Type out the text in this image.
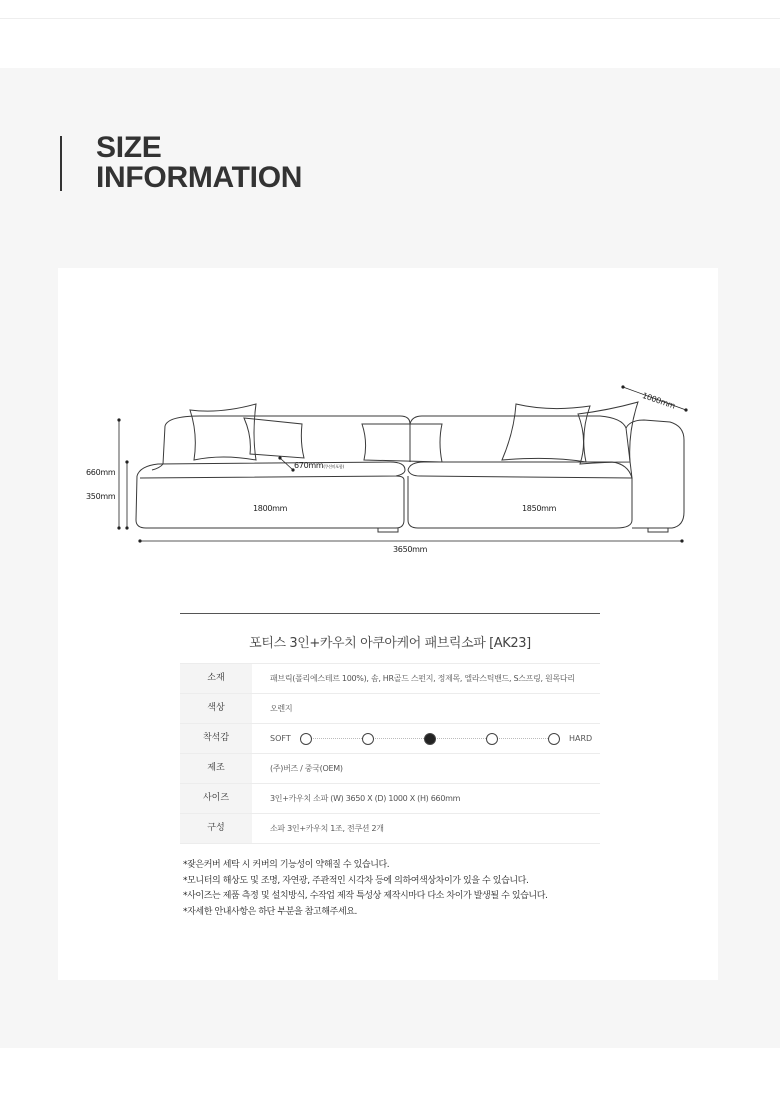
SIZE
INFORMATION
1000mm
660mm
350mm
670mm(쿠션미포함)
1800mm	1850mm
3650mm
포티스 3인+카우치 아쿠아케어 패브릭소파 [AK23]
소재	패브릭(폴리에스테르 100%), 솜, HR골드 스펀지, 정제목, 엘라스틱밴드, S스프링, 원목다리
색상	오렌지
착석감	SOFT	HARD
제조	(주)버즈 / 중국(OEM)
사이즈	3인+카우치 소파 (W) 3650 X (D) 1000 X (H) 660mm
구성	소파 3인+카우치 1조, 전쿠션 2개
*잦은커버 세탁 시 커버의 기능성이 약해질 수 있습니다.
*모니터의 해상도 및 조명, 자연광, 주관적인 시각차 등에 의하여색상차이가 있을 수 있습니다.
*사이즈는 제품 측정 및 설치방식, 수작업 제작 특성상 제작시마다 다소 차이가 발생될 수 있습니다.
*자세한 안내사항은 하단 부분을 참고해주세요.
